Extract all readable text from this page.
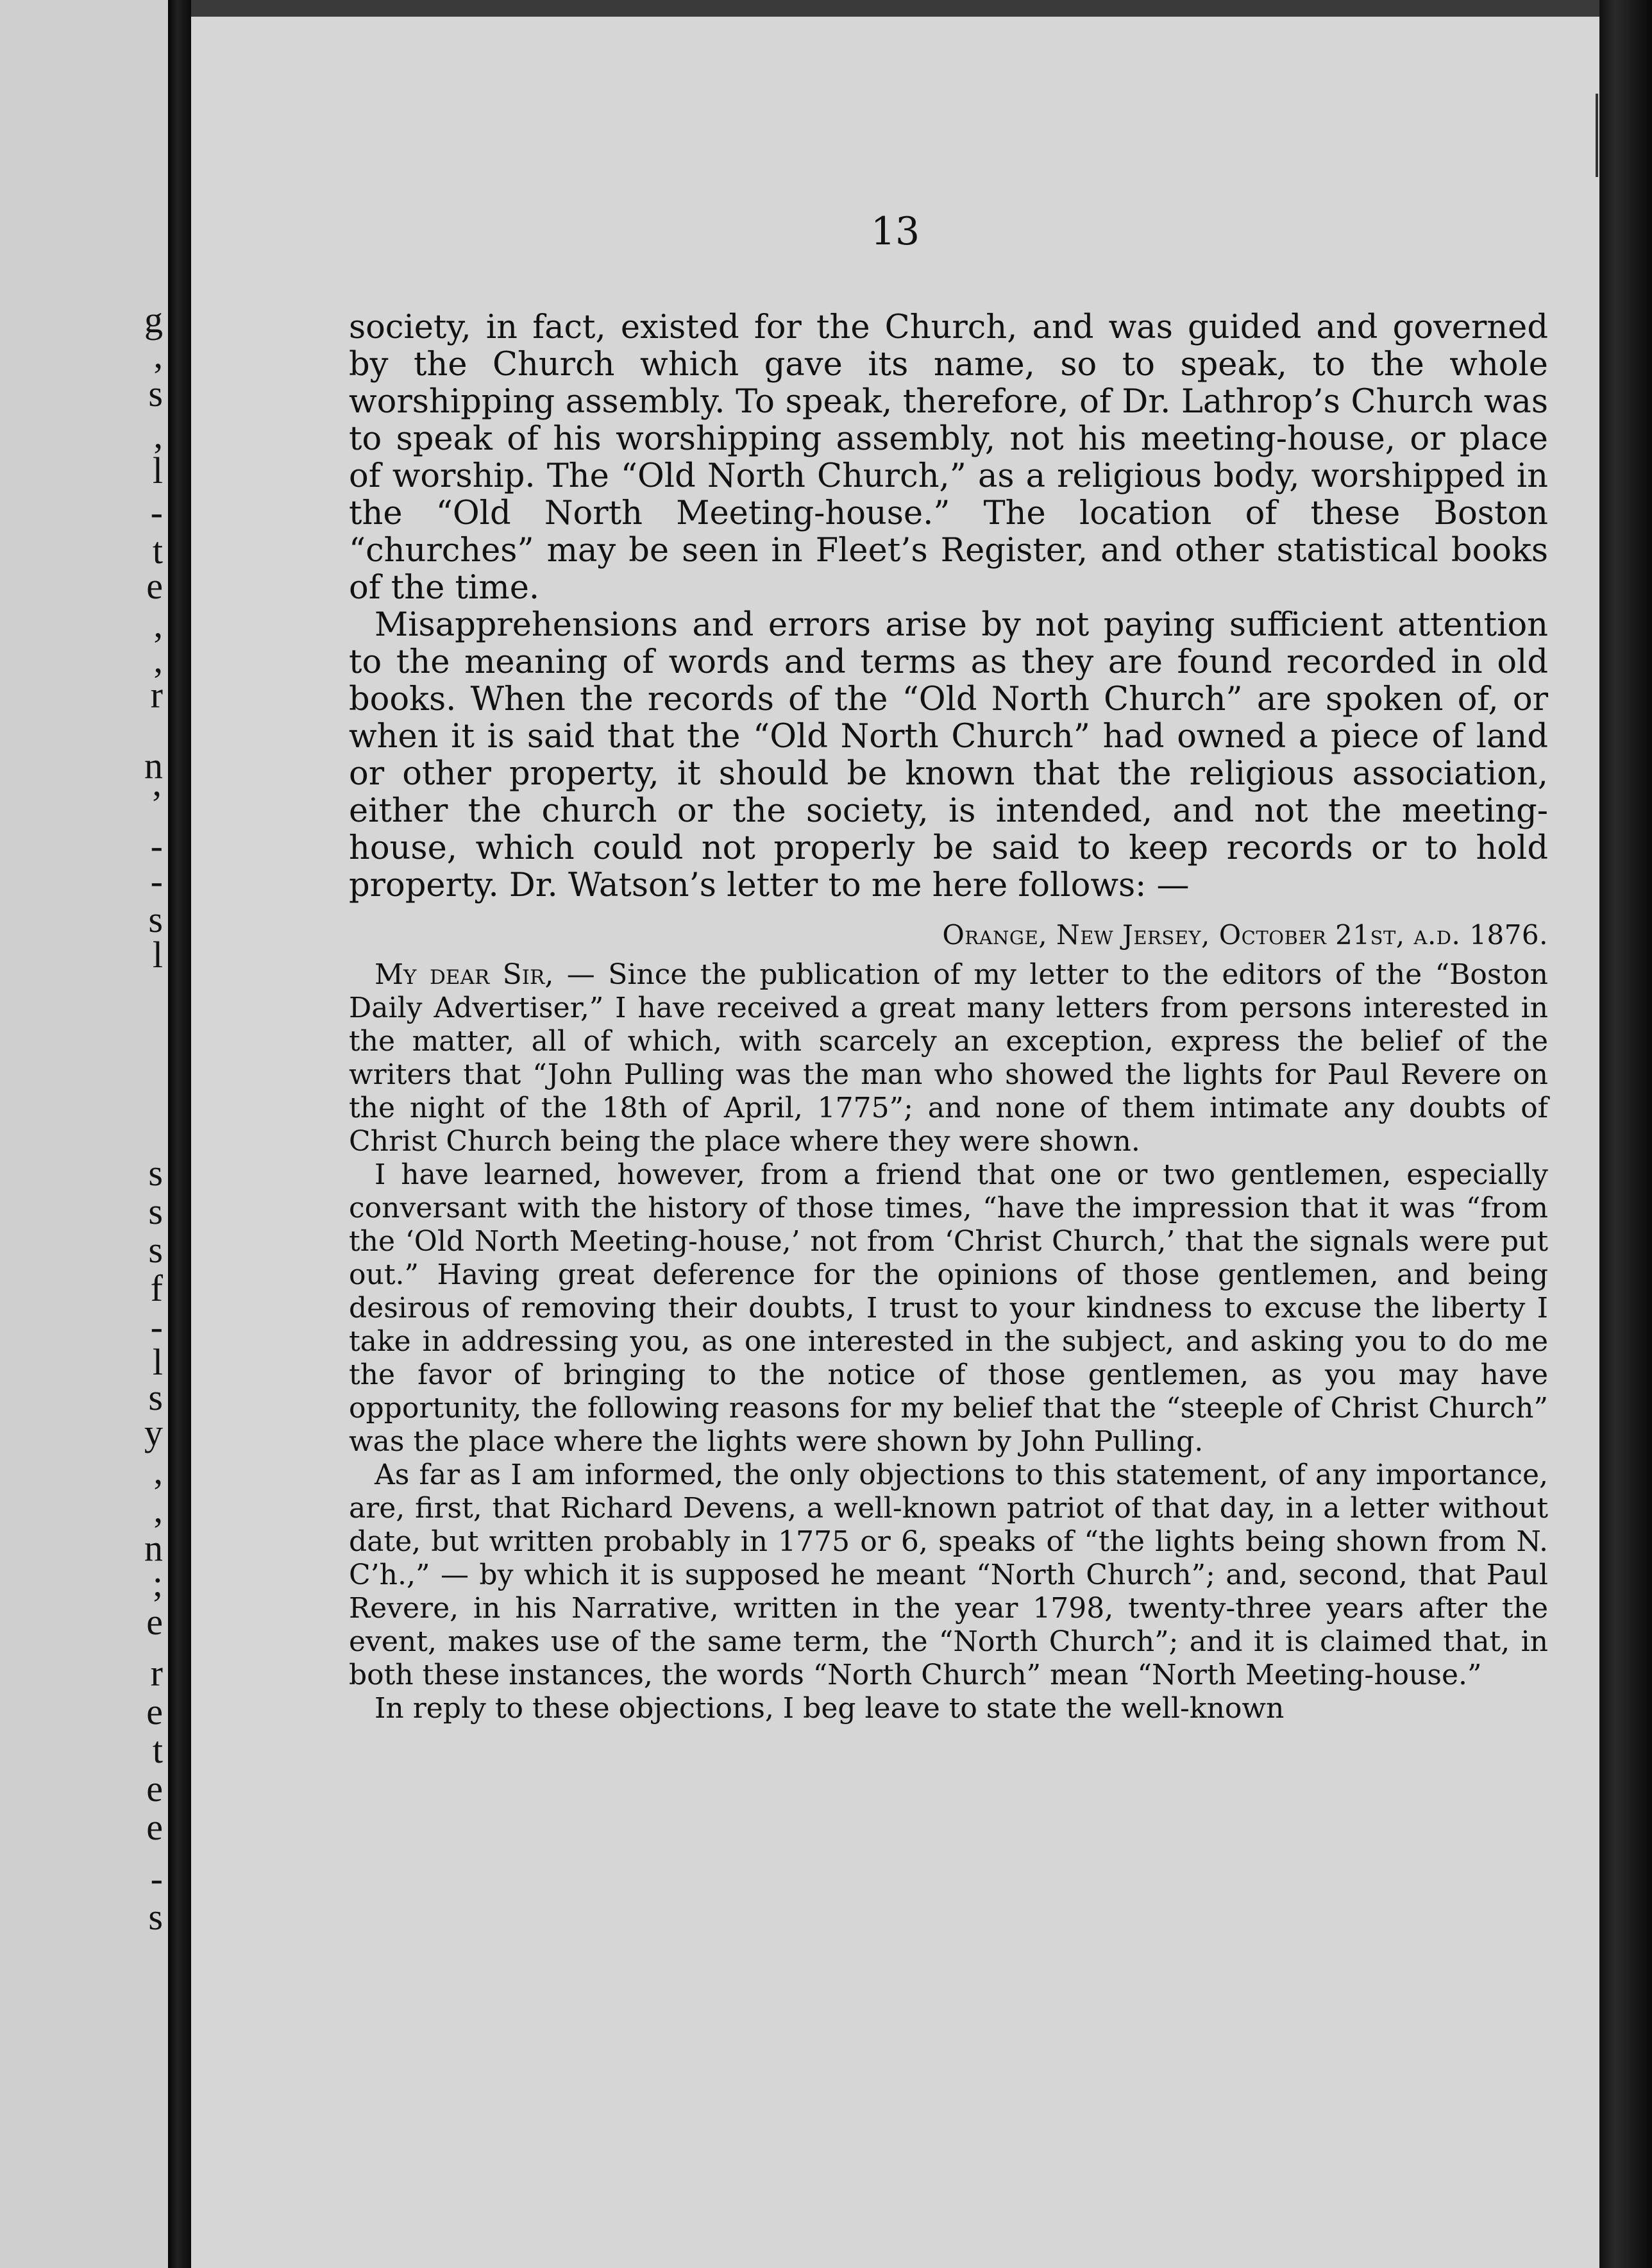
g
,
s
,
l
-
t
e
,
,
r
n
’
-
-
s
l
s
s
s
f
-
l
s
y
,
,
n
;
e
r
e
t
e
e
-
s
13

society, in fact, existed for the Church, and was guided and governed by the Church which gave its name, so to speak, to the whole worshipping assembly. To speak, therefore, of Dr. Lathrop’s Church was to speak of his worshipping assembly, not his meeting-house, or place of worship. The “Old North Church,” as a religious body, worshipped in the “Old North Meeting-house.” The location of these Boston “churches” may be seen in Fleet’s Register, and other statistical books of the time.

Misapprehensions and errors arise by not paying sufficient attention to the meaning of words and terms as they are found recorded in old books. When the records of the “Old North Church” are spoken of, or when it is said that the “Old North Church” had owned a piece of land or other property, it should be known that the religious association, either the church or the society, is intended, and not the meeting-house, which could not properly be said to keep records or to hold property. Dr. Watson’s letter to me here follows: —

Orange, New Jersey, October 21st, a.d. 1876.

My dear Sir, — Since the publication of my letter to the editors of the “Boston Daily Advertiser,” I have received a great many letters from persons interested in the matter, all of which, with scarcely an exception, express the belief of the writers that “John Pulling was the man who showed the lights for Paul Revere on the night of the 18th of April, 1775”; and none of them intimate any doubts of Christ Church being the place where they were shown.

I have learned, however, from a friend that one or two gentlemen, especially conversant with the history of those times, “have the impression that it was “from the ‘Old North Meeting-house,’ not from ‘Christ Church,’ that the signals were put out.” Having great deference for the opinions of those gentlemen, and being desirous of removing their doubts, I trust to your kindness to excuse the liberty I take in addressing you, as one interested in the subject, and asking you to do me the favor of bringing to the notice of those gentlemen, as you may have opportunity, the following reasons for my belief that the “steeple of Christ Church” was the place where the lights were shown by John Pulling.

As far as I am informed, the only objections to this statement, of any importance, are, first, that Richard Devens, a well-known patriot of that day, in a letter without date, but written probably in 1775 or 6, speaks of “the lights being shown from N. C’h.,” — by which it is supposed he meant “North Church”; and, second, that Paul Revere, in his Narrative, written in the year 1798, twenty-three years after the event, makes use of the same term, the “North Church”; and it is claimed that, in both these instances, the words “North Church” mean “North Meeting-house.”

In reply to these objections, I beg leave to state the well-known
